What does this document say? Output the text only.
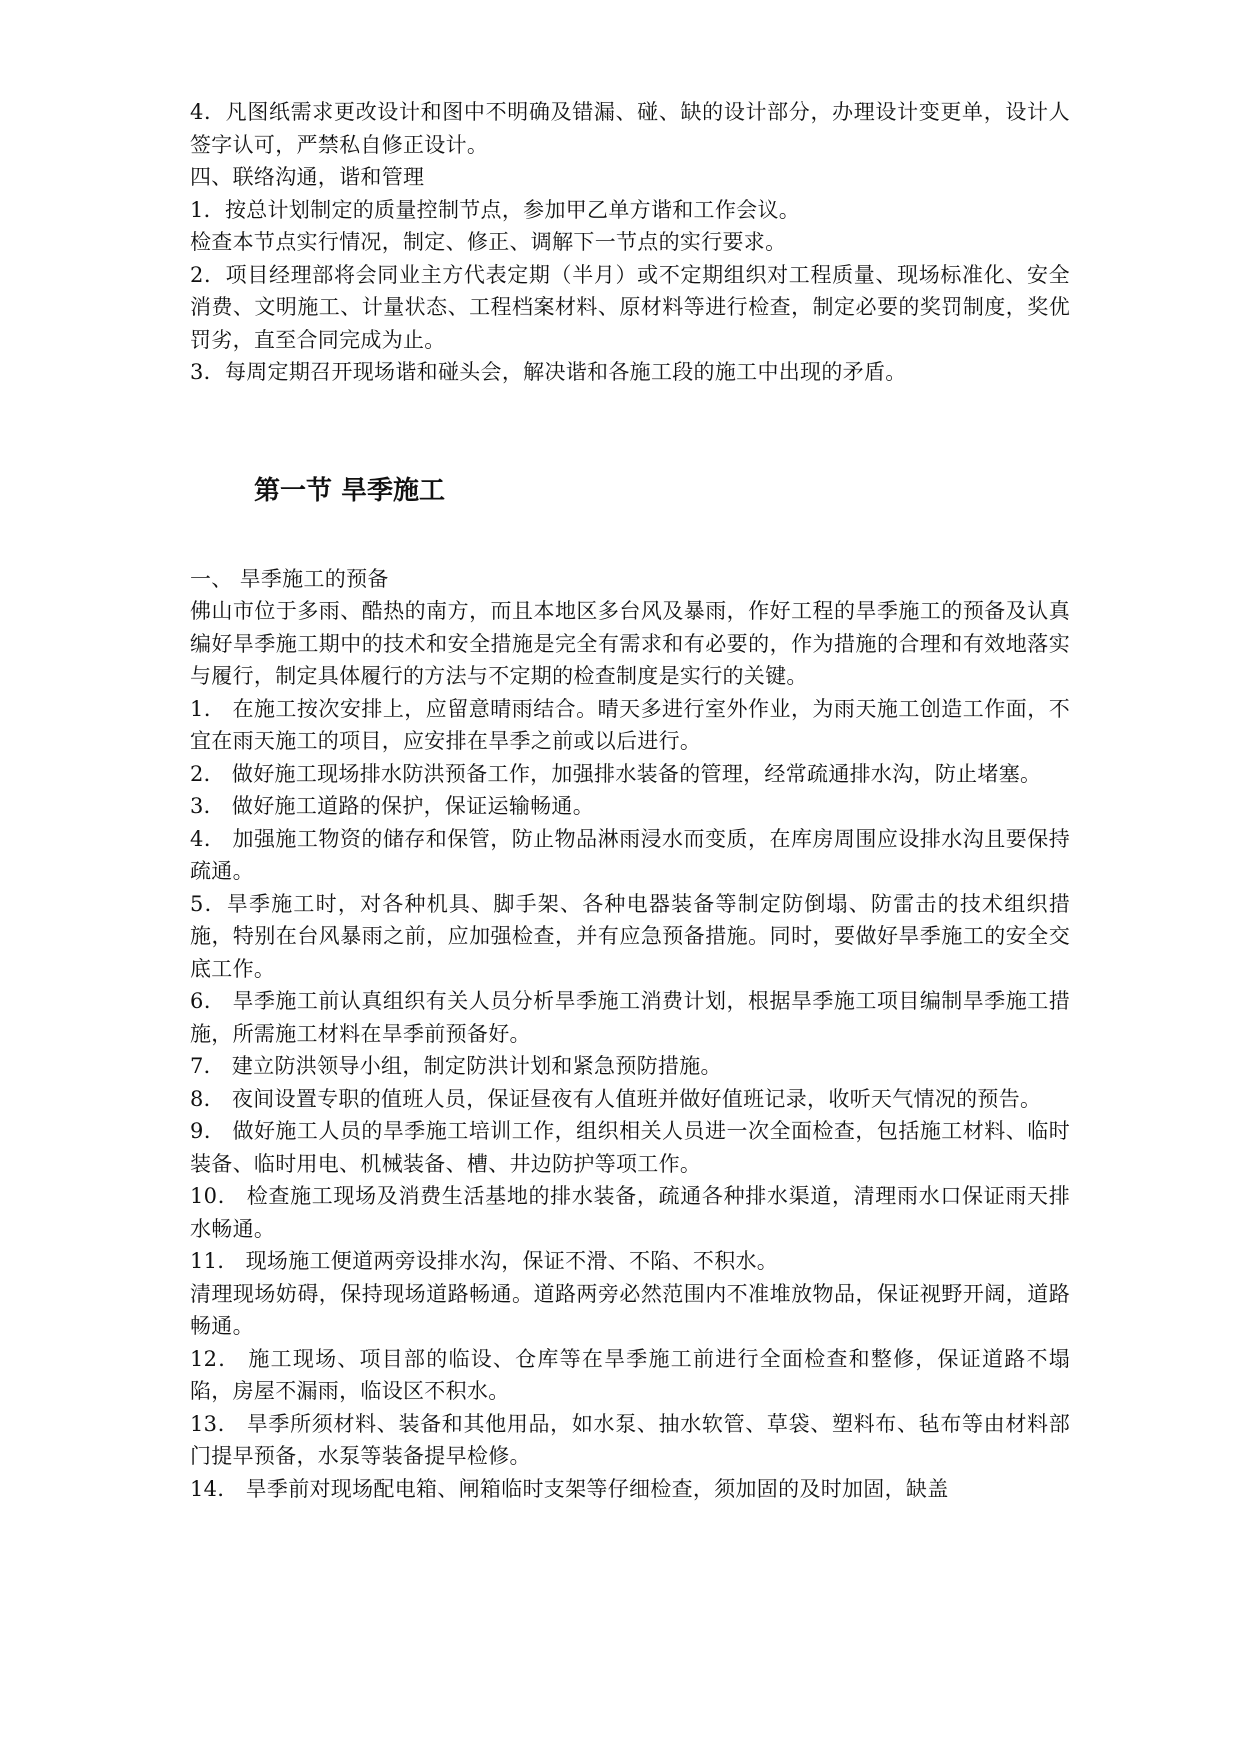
4．凡图纸需求更改设计和图中不明确及错漏、碰、缺的设计部分，办理设计变更单，设计人签字认可，严禁私自修正设计。

四、联络沟通，谐和管理

1．按总计划制定的质量控制节点，参加甲乙单方谐和工作会议。

检查本节点实行情况，制定、修正、调解下一节点的实行要求。

2．项目经理部将会同业主方代表定期（半月）或不定期组织对工程质量、现场标准化、安全消费、文明施工、计量状态、工程档案材料、原材料等进行检查，制定必要的奖罚制度，奖优罚劣，直至合同完成为止。

3．每周定期召开现场谐和碰头会，解决谐和各施工段的施工中出现的矛盾。

第一节 旱季施工

一、 旱季施工的预备

佛山市位于多雨、酷热的南方，而且本地区多台风及暴雨，作好工程的旱季施工的预备及认真编好旱季施工期中的技术和安全措施是完全有需求和有必要的，作为措施的合理和有效地落实与履行，制定具体履行的方法与不定期的检查制度是实行的关键。

1． 在施工按次安排上，应留意晴雨结合。晴天多进行室外作业，为雨天施工创造工作面，不宜在雨天施工的项目，应安排在旱季之前或以后进行。

2． 做好施工现场排水防洪预备工作，加强排水装备的管理，经常疏通排水沟，防止堵塞。

3． 做好施工道路的保护，保证运输畅通。

4． 加强施工物资的储存和保管，防止物品淋雨浸水而变质，在库房周围应设排水沟且要保持疏通。

5．旱季施工时，对各种机具、脚手架、各种电器装备等制定防倒塌、防雷击的技术组织措施，特别在台风暴雨之前，应加强检查，并有应急预备措施。同时，要做好旱季施工的安全交底工作。

6． 旱季施工前认真组织有关人员分析旱季施工消费计划，根据旱季施工项目编制旱季施工措施，所需施工材料在旱季前预备好。

7． 建立防洪领导小组，制定防洪计划和紧急预防措施。

8． 夜间设置专职的值班人员，保证昼夜有人值班并做好值班记录，收听天气情况的预告。

9． 做好施工人员的旱季施工培训工作，组织相关人员进一次全面检查，包括施工材料、临时装备、临时用电、机械装备、槽、井边防护等项工作。

10． 检查施工现场及消费生活基地的排水装备，疏通各种排水渠道，清理雨水口保证雨天排水畅通。

11． 现场施工便道两旁设排水沟，保证不滑、不陷、不积水。

清理现场妨碍，保持现场道路畅通。道路两旁必然范围内不准堆放物品，保证视野开阔，道路畅通。

12． 施工现场、项目部的临设、仓库等在旱季施工前进行全面检查和整修，保证道路不塌陷，房屋不漏雨，临设区不积水。

13． 旱季所须材料、装备和其他用品，如水泵、抽水软管、草袋、塑料布、毡布等由材料部门提早预备，水泵等装备提早检修。

14． 旱季前对现场配电箱、闸箱临时支架等仔细检查，须加固的及时加固，缺盖
